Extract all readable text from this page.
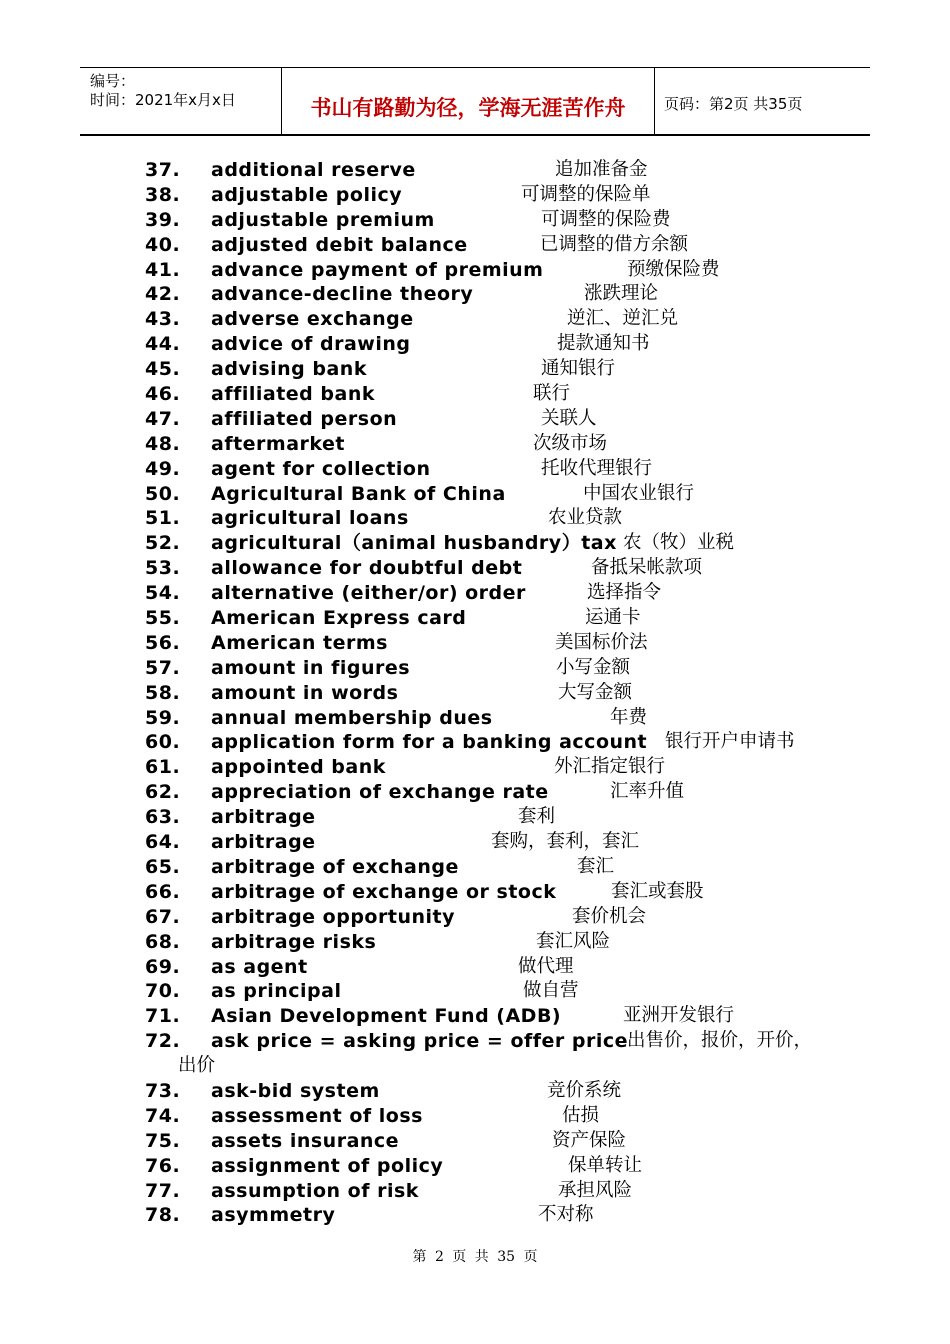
编号：
时间：2021年x月x日	书山有路勤为径，学海无涯苦作舟	页码：第2页 共35页
37. additional reserve	追加准备金
38. adjustable policy	可调整的保险单
39. adjustable premium	可调整的保险费
40. adjusted debit balance	已调整的借方余额
41. advance payment of premium	预缴保险费
42. advance-decline theory	涨跌理论
43. adverse exchange	逆汇、逆汇兑
44. advice of drawing	提款通知书
45. advising bank	通知银行
46. affiliated bank	联行
47. affiliated person	关联人
48. aftermarket	次级市场
49. agent for collection	托收代理银行
50. Agricultural Bank of China	中国农业银行
51. agricultural loans	农业贷款
52. agricultural（animal husbandry）tax 农（牧）业税
53. allowance for doubtful debt	备抵呆帐款项
54. alternative (either/or) order	选择指令
55. American Express card	运通卡
56. American terms	美国标价法
57. amount in figures	小写金额
58. amount in words	大写金额
59. annual membership dues	年费
60. application form for a banking account 银行开户申请书
61. appointed bank	外汇指定银行
62. appreciation of exchange rate	汇率升值
63. arbitrage	套利
64. arbitrage	套购，套利，套汇
65. arbitrage of exchange	套汇
66. arbitrage of exchange or stock	套汇或套股
67. arbitrage opportunity	套价机会
68. arbitrage risks	套汇风险
69. as agent	做代理
70. as principal	做自营
71. Asian Development Fund (ADB)	亚洲开发银行
72. ask price = asking price = offer price
出售价，报价，开价，
出价
73. ask-bid system	竞价系统
74. assessment of loss	估损
75. assets insurance	资产保险
76. assignment of policy	保单转让
77. assumption of risk	承担风险
78. asymmetry	不对称
第 2 页 共 35 页
